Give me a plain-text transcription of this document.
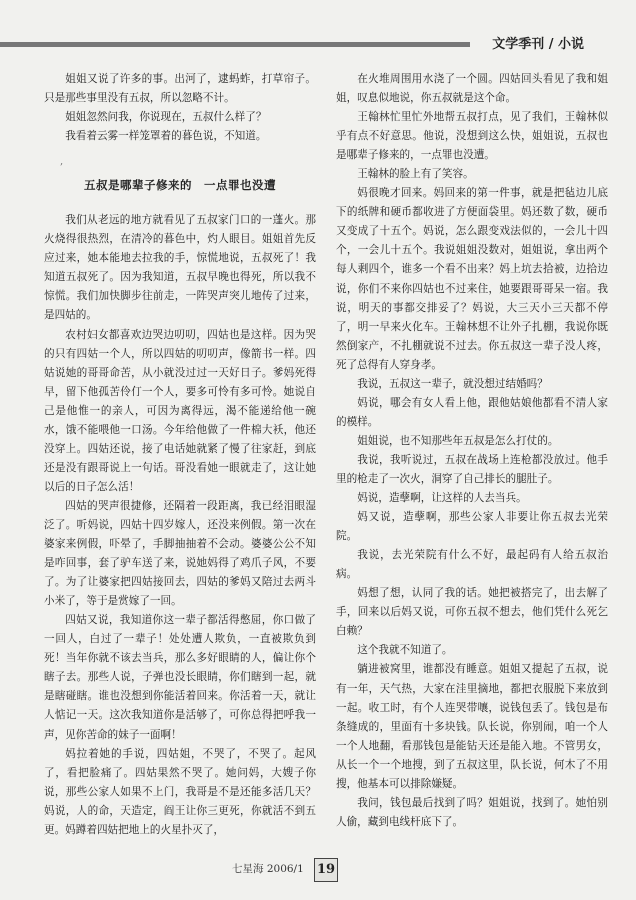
文学季刊 / 小说

姐姐又说了许多的事。出河了，逮蚂蚱，打草帘子。只是那些事里没有五叔，所以忽略不计。

姐姐忽然问我，你说现在，五叔什么样了？

我看着云雾一样笼罩着的暮色说，不知道。

五叔是哪辈子修来的　一点罪也没遭

我们从老远的地方就看见了五叔家门口的一蓬火。那火烧得很热烈，在清冷的暮色中，灼人眼目。姐姐首先反应过来，她本能地去拉我的手，惊慌地说，五叔死了！我知道五叔死了。因为我知道，五叔早晚也得死，所以我不惊慌。我们加快脚步往前走，一阵哭声突儿地传了过来，是四姑的。

农村妇女都喜欢边哭边叨叨，四姑也是这样。因为哭的只有四姑一个人，所以四姑的叨叨声，像箭书一样。四姑说她的哥哥命苦，从小就没过过一天好日子。爹妈死得早，留下他孤苦伶仃一个人，要多可怜有多可怜。她说自己是他惟一的亲人，可因为离得远，渴不能递给他一碗水，饿不能喂他一口汤。今年给他做了一件棉大袄，他还没穿上。四姑还说，接了电话她就紧了慢了往家赶，到底还是没有跟哥说上一句话。哥没看她一眼就走了，这让她以后的日子怎么活！

四姑的哭声很捷修，还隔着一段距离，我已经泪眼湿泛了。听妈说，四姑十四岁嫁人，还没来例假。第一次在婆家来例假，吓晕了，手脚抽抽着不会动。婆婆公公不知是咋回事，套了驴车送了来，说她妈得了鸡爪子风，不要了。为了让婆家把四姑接回去，四姑的爹妈又陪过去两斗小米了，等于是赏嫁了一回。

四姑又说，我知道你这一辈子都活得憋屈，你口做了一回人，白过了一辈子！处处遭人欺负，一直被欺负到死！当年你就不该去当兵，那么多好眼睛的人，偏让你个瞎子去。那些人说，子弹也没长眼睛，你们瞎到一起，就是瞎碰瞎。谁也没想到你能活着回来。你活着一天，就让人惦记一天。这次我知道你是活够了，可你总得把呼我一声，见你苦命的妹子一面啊！

妈拉着她的手说，四姑姐，不哭了，不哭了。起风了，看把脸痛了。四姑果然不哭了。她问妈，大嫂子你说，那些公家人如果不上门，我哥是不是还能多活几天？妈说，人的命，天造定，阎王让你三更死，你就活不到五更。妈蹲着四姑把地上的火星扑灭了，

,

在火堆周围用水浇了一个圆。四姑回头看见了我和姐姐，叹息似地说，你五叔就是这个命。

王翰林忙里忙外地帮五叔打点，见了我们，王翰林似乎有点不好意思。他说，没想到这么快，姐姐说，五叔也是哪辈子修来的，一点罪也没遭。

王翰林的脸上有了笑容。

妈很晚才回来。妈回来的第一件事，就是把毡边儿底下的纸牌和硬币都收进了方便面袋里。妈还数了数，硬币又变成了十五个。妈说，怎么跟变戏法似的，一会儿十四个，一会儿十五个。我说姐姐没数对，姐姐说，拿出两个每人剩四个，谁多一个看不出来？妈上坑去拾被，边拾边说，你们不来你四姑也不过来住，她要跟哥哥呆一宿。我说，明天的事都交排妥了？妈说，大三天小三天都不停了，明一早来火化车。王翰林想不让外子扎棚，我说你既然倒家产，不扎棚就说不过去。你五叔这一辈子没人疼，死了总得有人穿身孝。

我说，五叔这一辈子，就没想过结婚吗？

妈说，哪会有女人看上他，跟他姑娘他都看不清人家的模样。

姐姐说，也不知那些年五叔是怎么打仗的。

我说，我听说过，五叔在战场上连枪都没放过。他手里的枪走了一次火，洞穿了自己排长的腿肚子。

妈说，造孽啊，让这样的人去当兵。

妈又说，造孽啊，那些公家人非要让你五叔去光荣院。

我说，去光荣院有什么不好，最起码有人给五叔治病。

妈想了想，认同了我的话。她把被搭完了，出去解了手，回来以后妈又说，可你五叔不想去，他们凭什么死乞白赖？

这个我就不知道了。

躺进被窝里，谁都没有睡意。姐姐又提起了五叔，说有一年，天气热，大家在洼里摘地，都把衣服脱下来放到一起。收工时，有个人连哭带嚷，说钱包丢了。钱包是布条缝成的，里面有十多块钱。队长说，你别闹，咱一个人一个人地翻，看那钱包是能钻天还是能入地。不管男女，从长一个一个地搜，到了五叔这里，队长说，何木了不用搜，他基本可以排除嫌疑。

我问，钱包最后找到了吗？姐姐说，找到了。她怕别人偷，藏到电线杆底下了。

七星海 2006/1 19
